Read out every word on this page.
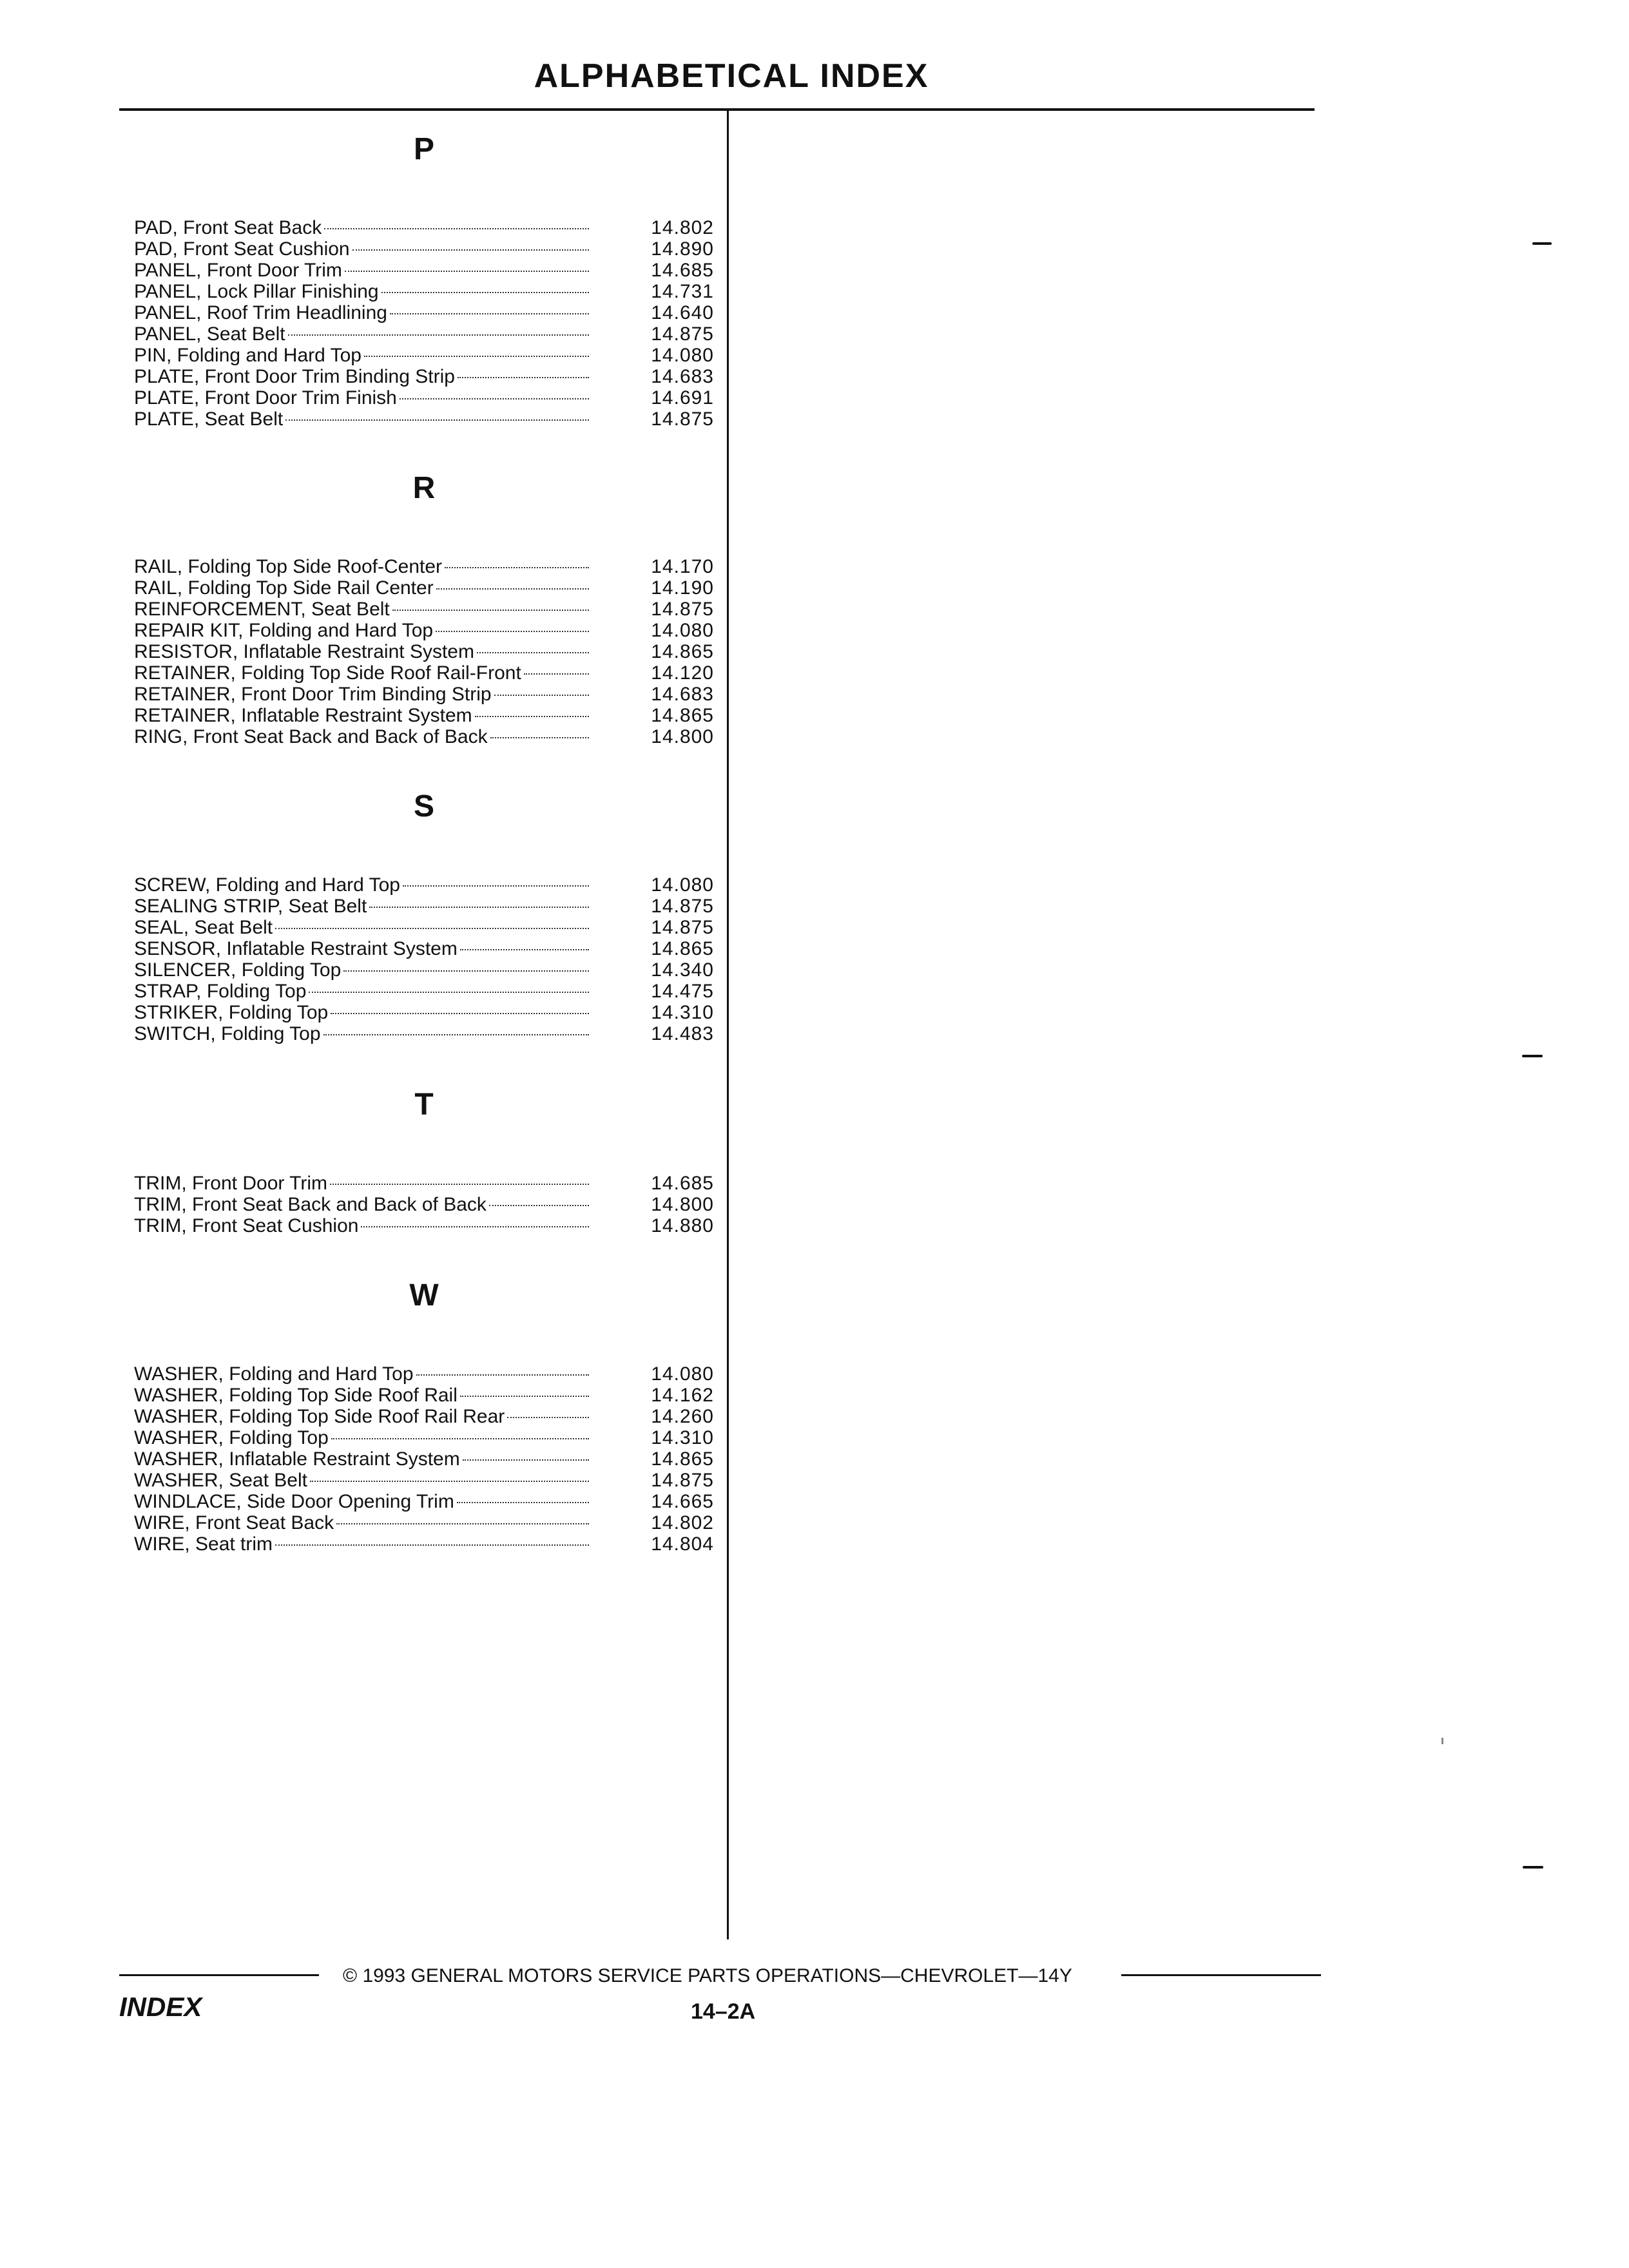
ALPHABETICAL INDEX
P
PAD, Front Seat Back	14.802
PAD, Front Seat Cushion	14.890
PANEL, Front Door Trim	14.685
PANEL, Lock Pillar Finishing	14.731
PANEL, Roof Trim Headlining	14.640
PANEL, Seat Belt	14.875
PIN, Folding and Hard Top	14.080
PLATE, Front Door Trim Binding Strip	14.683
PLATE, Front Door Trim Finish	14.691
PLATE, Seat Belt	14.875
R
RAIL, Folding Top Side Roof-Center	14.170
RAIL, Folding Top Side Rail Center	14.190
REINFORCEMENT, Seat Belt	14.875
REPAIR KIT, Folding and Hard Top	14.080
RESISTOR, Inflatable Restraint System	14.865
RETAINER, Folding Top Side Roof Rail-Front	14.120
RETAINER, Front Door Trim Binding Strip	14.683
RETAINER, Inflatable Restraint System	14.865
RING, Front Seat Back and Back of Back	14.800
S
SCREW, Folding and Hard Top	14.080
SEALING STRIP, Seat Belt	14.875
SEAL, Seat Belt	14.875
SENSOR, Inflatable Restraint System	14.865
SILENCER, Folding Top	14.340
STRAP, Folding Top	14.475
STRIKER, Folding Top	14.310
SWITCH, Folding Top	14.483
T
TRIM, Front Door Trim	14.685
TRIM, Front Seat Back and Back of Back	14.800
TRIM, Front Seat Cushion	14.880
W
WASHER, Folding and Hard Top	14.080
WASHER, Folding Top Side Roof Rail	14.162
WASHER, Folding Top Side Roof Rail Rear	14.260
WASHER, Folding Top	14.310
WASHER, Inflatable Restraint System	14.865
WASHER, Seat Belt	14.875
WINDLACE, Side Door Opening Trim	14.665
WIRE, Front Seat Back	14.802
WIRE, Seat trim	14.804
© 1993 GENERAL MOTORS SERVICE PARTS OPERATIONS—CHEVROLET—14Y
INDEX	14–2A
